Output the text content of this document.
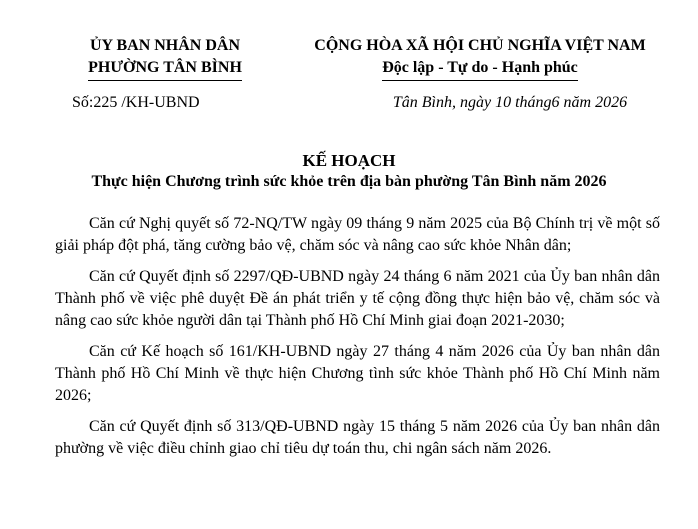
ỦY BAN NHÂN DÂN
PHƯỜNG TÂN BÌNH
CỘNG HÒA XÃ HỘI CHỦ NGHĨA VIỆT NAM
Độc lập - Tự do - Hạnh phúc
Số:225 /KH-UBND	Tân Bình, ngày 10 tháng6 năm 2026
KẾ HOẠCH
Thực hiện Chương trình sức khỏe trên địa bàn phường Tân Bình năm 2026

Căn cứ Nghị quyết số 72-NQ/TW ngày 09 tháng 9 năm 2025 của Bộ Chính trị về một số giải pháp đột phá, tăng cường bảo vệ, chăm sóc và nâng cao sức khỏe Nhân dân;

Căn cứ Quyết định số 2297/QĐ-UBND ngày 24 tháng 6 năm 2021 của Ủy ban nhân dân Thành phố về việc phê duyệt Đề án phát triển y tế cộng đồng thực hiện bảo vệ, chăm sóc và nâng cao sức khỏe người dân tại Thành phố Hồ Chí Minh giai đoạn 2021-2030;

Căn cứ Kế hoạch số 161/KH-UBND ngày 27 tháng 4 năm 2026 của Ủy ban nhân dân Thành phố Hồ Chí Minh về thực hiện Chương tình sức khỏe Thành phố Hồ Chí Minh năm 2026;

Căn cứ Quyết định số 313/QĐ-UBND ngày 15 tháng 5 năm 2026 của Ủy ban nhân dân phường về việc điều chỉnh giao chỉ tiêu dự toán thu, chi ngân sách năm 2026.
